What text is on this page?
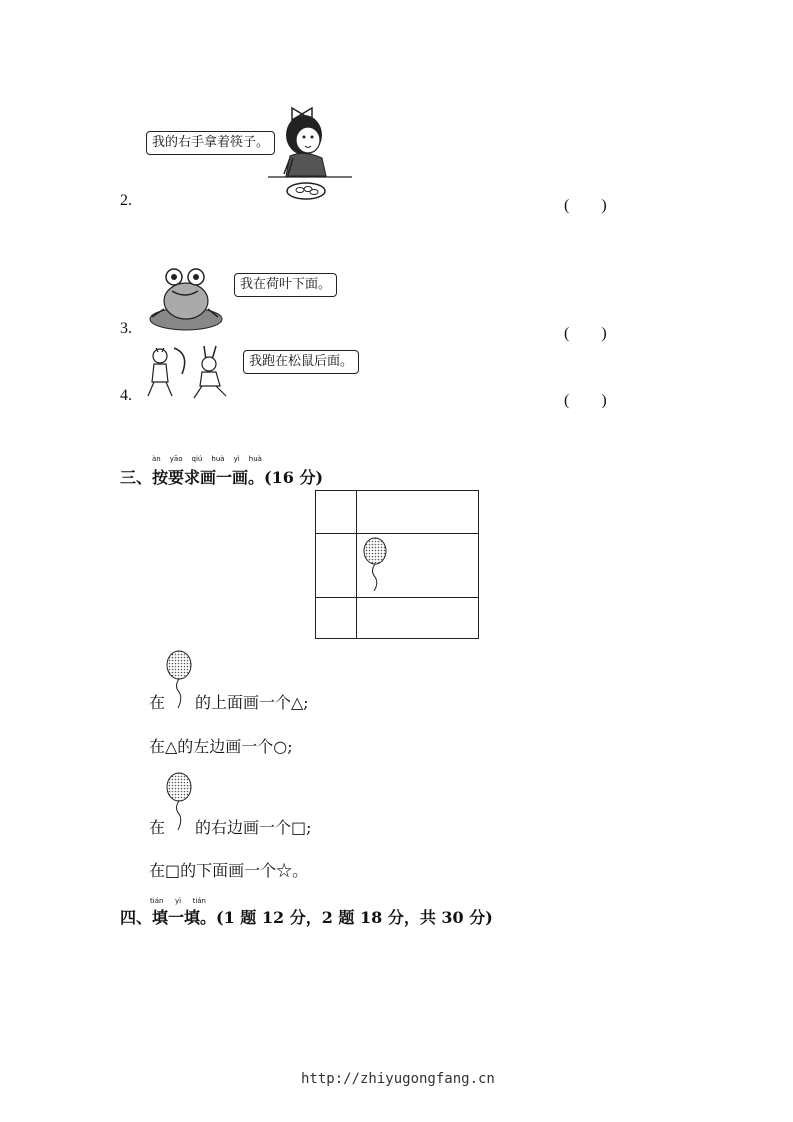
我的右手拿着筷子。
2.	(　　)
我在荷叶下面。
3.	(　　)
我跑在松鼠后面。
4.	(　　)
àn yāo qiú huà yì huà
三、按要求画一画。(16 分)
在 的上面画一个△;
在△的左边画一个○;
在 的右边画一个□;
在□的下面画一个☆。
tián yì tián
四、填一填。(1 题 12 分，2 题 18 分，共 30 分)
http://zhiyugongfang.cn
